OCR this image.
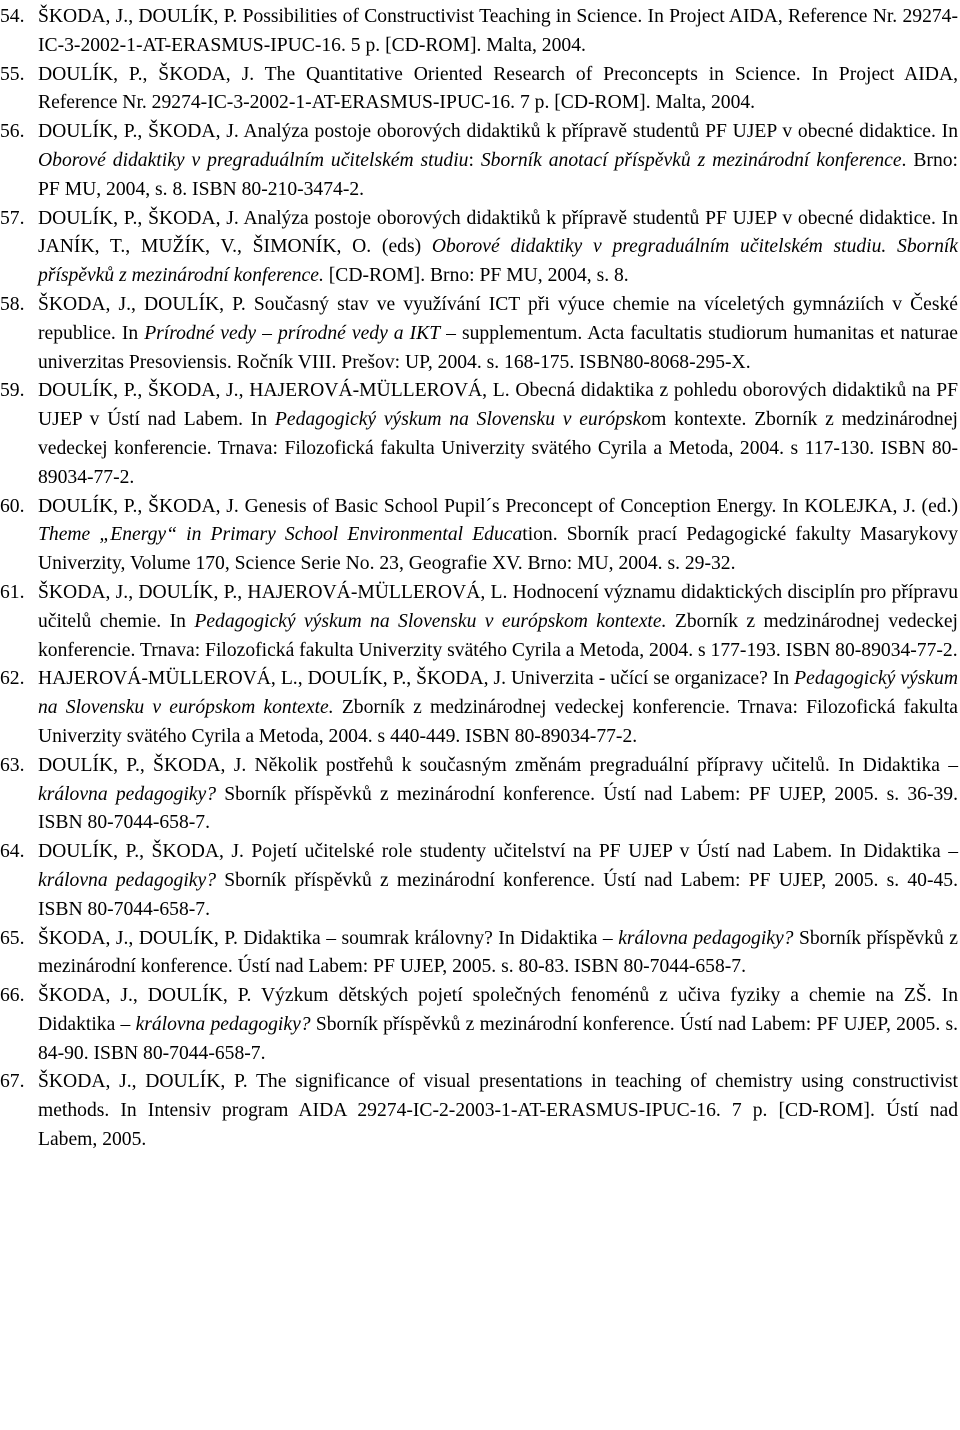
54. ŠKODA, J., DOULÍK, P. Possibilities of Constructivist Teaching in Science. In Project AIDA, Reference Nr. 29274-IC-3-2002-1-AT-ERASMUS-IPUC-16. 5 p. [CD-ROM]. Malta, 2004.

55. DOULÍK, P., ŠKODA, J. The Quantitative Oriented Research of Preconcepts in Science. In Project AIDA, Reference Nr. 29274-IC-3-2002-1-AT-ERASMUS-IPUC-16. 7 p. [CD-ROM]. Malta, 2004.

56. DOULÍK, P., ŠKODA, J. Analýza postoje oborových didaktiků k přípravě studentů PF UJEP v obecné didaktice. In Oborové didaktiky v pregraduálním učitelském studiu: Sborník anotací příspěvků z mezinárodní konference. Brno: PF MU, 2004, s. 8. ISBN 80-210-3474-2.

57. DOULÍK, P., ŠKODA, J. Analýza postoje oborových didaktiků k přípravě studentů PF UJEP v obecné didaktice. In JANÍK, T., MUŽÍK, V., ŠIMONÍK, O. (eds) Oborové didaktiky v pregraduálním učitelském studiu. Sborník příspěvků z mezinárodní konference. [CD-ROM]. Brno: PF MU, 2004, s. 8.

58. ŠKODA, J., DOULÍK, P. Současný stav ve využívání ICT při výuce chemie na víceletých gymnáziích v České republice. In Prírodné vedy – prírodné vedy a IKT – supplementum. Acta facultatis studiorum humanitas et naturae univerzitas Presoviensis. Ročník VIII. Prešov: UP, 2004. s. 168-175. ISBN80-8068-295-X.

59. DOULÍK, P., ŠKODA, J., HAJEROVÁ-MÜLLEROVÁ, L. Obecná didaktika z pohledu oborových didaktiků na PF UJEP v Ústí nad Labem. In Pedagogický výskum na Slovensku v európskom kontexte. Zborník z medzinárodnej vedeckej konferencie. Trnava: Filozofická fakulta Univerzity svätého Cyrila a Metoda, 2004. s 117-130. ISBN 80-89034-77-2.

60. DOULÍK, P., ŠKODA, J. Genesis of Basic School Pupil´s Preconcept of Conception Energy. In KOLEJKA, J. (ed.) Theme „Energy“ in Primary School Environmental Education. Sborník prací Pedagogické fakulty Masarykovy Univerzity, Volume 170, Science Serie No. 23, Geografie XV. Brno: MU, 2004. s. 29-32.

61. ŠKODA, J., DOULÍK, P., HAJEROVÁ-MÜLLEROVÁ, L. Hodnocení významu didaktických disciplín pro přípravu učitelů chemie. In Pedagogický výskum na Slovensku v európskom kontexte. Zborník z medzinárodnej vedeckej konferencie. Trnava: Filozofická fakulta Univerzity svätého Cyrila a Metoda, 2004. s 177-193. ISBN 80-89034-77-2.

62. HAJEROVÁ-MÜLLEROVÁ, L., DOULÍK, P., ŠKODA, J. Univerzita - učící se organizace? In Pedagogický výskum na Slovensku v európskom kontexte. Zborník z medzinárodnej vedeckej konferencie. Trnava: Filozofická fakulta Univerzity svätého Cyrila a Metoda, 2004. s 440-449. ISBN 80-89034-77-2.

63. DOULÍK, P., ŠKODA, J. Několik postřehů k současným změnám pregraduální přípravy učitelů. In Didaktika – královna pedagogiky? Sborník příspěvků z mezinárodní konference. Ústí nad Labem: PF UJEP, 2005. s. 36-39. ISBN 80-7044-658-7.

64. DOULÍK, P., ŠKODA, J. Pojetí učitelské role studenty učitelství na PF UJEP v Ústí nad Labem. In Didaktika – královna pedagogiky? Sborník příspěvků z mezinárodní konference. Ústí nad Labem: PF UJEP, 2005. s. 40-45. ISBN 80-7044-658-7.

65. ŠKODA, J., DOULÍK, P. Didaktika – soumrak královny? In Didaktika – královna pedagogiky? Sborník příspěvků z mezinárodní konference. Ústí nad Labem: PF UJEP, 2005. s. 80-83. ISBN 80-7044-658-7.

66. ŠKODA, J., DOULÍK, P. Výzkum dětských pojetí společných fenoménů z učiva fyziky a chemie na ZŠ. In Didaktika – královna pedagogiky? Sborník příspěvků z mezinárodní konference. Ústí nad Labem: PF UJEP, 2005. s. 84-90. ISBN 80-7044-658-7.

67. ŠKODA, J., DOULÍK, P. The significance of visual presentations in teaching of chemistry using constructivist methods. In Intensiv program AIDA 29274-IC-2-2003-1-AT-ERASMUS-IPUC-16. 7 p. [CD-ROM]. Ústí nad Labem, 2005.
